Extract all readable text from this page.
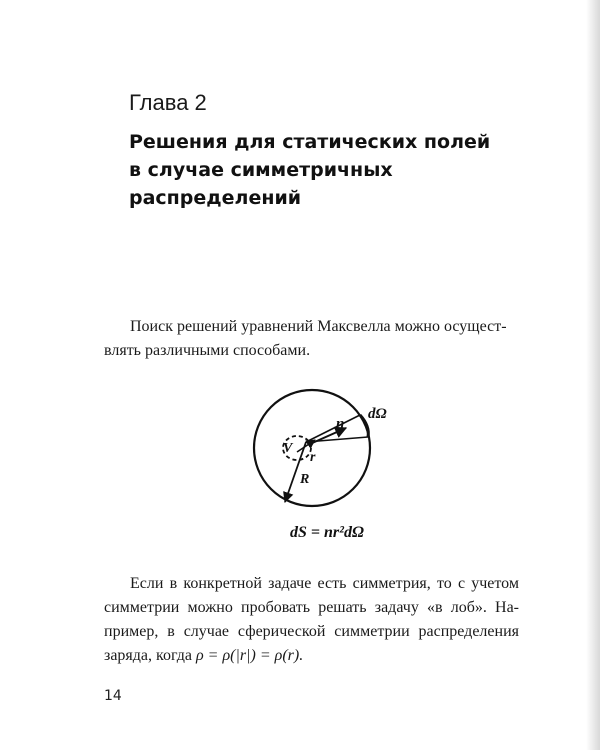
Глава 2
Решения для статических полей
в случае симметричных
распределений
Поиск решений уравнений Максвелла можно осущест-
влять различными способами.
dΩ
n
V
r
R
dS = nr²dΩ
Если в конкретной задаче есть симметрия, то с учетом
симметрии можно пробовать решать задачу «в лоб». На-
пример, в случае сферической симметрии распределения
заряда, когда ρ = ρ(|r|) = ρ(r).
14
